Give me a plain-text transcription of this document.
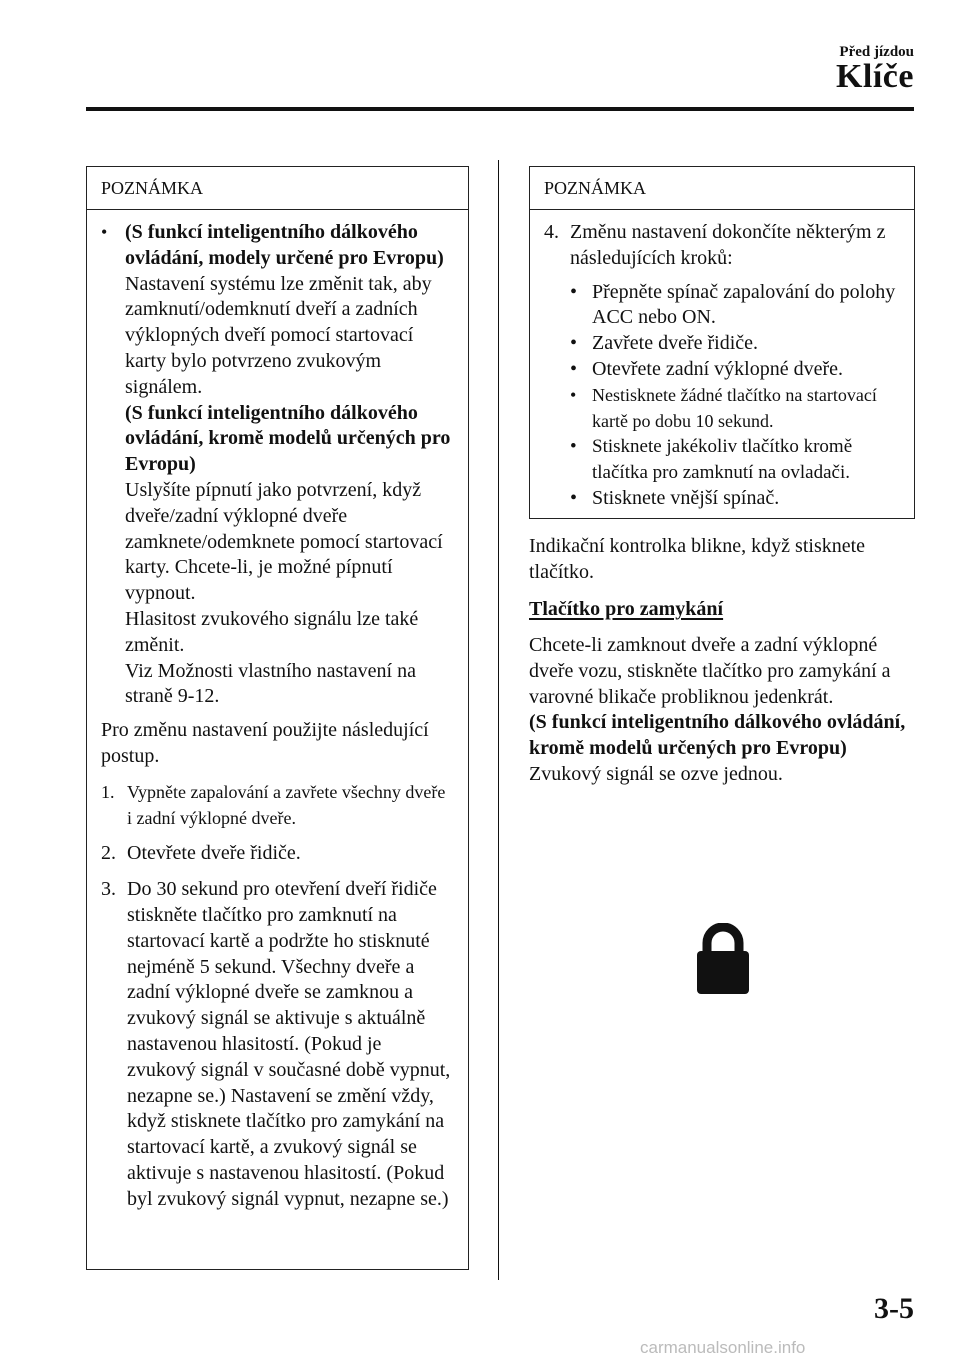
Před jízdou
Klíče
POZNÁMKA
• (S funkcí inteligentního dálkového ovládání, modely určené pro Evropu)
Nastavení systému lze změnit tak, aby zamknutí/odemknutí dveří a zadních výklopných dveří pomocí startovací karty bylo potvrzeno zvukovým signálem.
(S funkcí inteligentního dálkového ovládání, kromě modelů určených pro Evropu)
Uslyšíte pípnutí jako potvrzení, když dveře/zadní výklopné dveře zamknete/odemknete pomocí startovací karty. Chcete-li, je možné pípnutí vypnout.
Hlasitost zvukového signálu lze také změnit.
Viz Možnosti vlastního nastavení na straně 9-12.
Pro změnu nastavení použijte následující postup.
1. Vypněte zapalování a zavřete všechny dveře i zadní výklopné dveře.
2. Otevřete dveře řidiče.
3. Do 30 sekund pro otevření dveří řidiče stiskněte tlačítko pro zamknutí na startovací kartě a podržte ho stisknuté nejméně 5 sekund. Všechny dveře a zadní výklopné dveře se zamknou a zvukový signál se aktivuje s aktuálně nastavenou hlasitostí. (Pokud je zvukový signál v současné době vypnut, nezapne se.) Nastavení se změní vždy, když stisknete tlačítko pro zamykání na startovací kartě, a zvukový signál se aktivuje s nastavenou hlasitostí. (Pokud byl zvukový signál vypnut, nezapne se.)
POZNÁMKA
4. Změnu nastavení dokončíte některým z následujících kroků:
• Přepněte spínač zapalování do polohy ACC nebo ON.
• Zavřete dveře řidiče.
• Otevřete zadní výklopné dveře.
• Nestisknete žádné tlačítko na startovací kartě po dobu 10 sekund.
• Stisknete jakékoliv tlačítko kromě tlačítka pro zamknutí na ovladači.
• Stisknete vnější spínač.
Indikační kontrolka blikne, když stisknete tlačítko.
Tlačítko pro zamykání
Chcete-li zamknout dveře a zadní výklopné dveře vozu, stiskněte tlačítko pro zamykání a varovné blikače probliknou jedenkrát.
(S funkcí inteligentního dálkového ovládání, kromě modelů určených pro Evropu)
Zvukový signál se ozve jednou.
3-5
carmanualsonline.info
